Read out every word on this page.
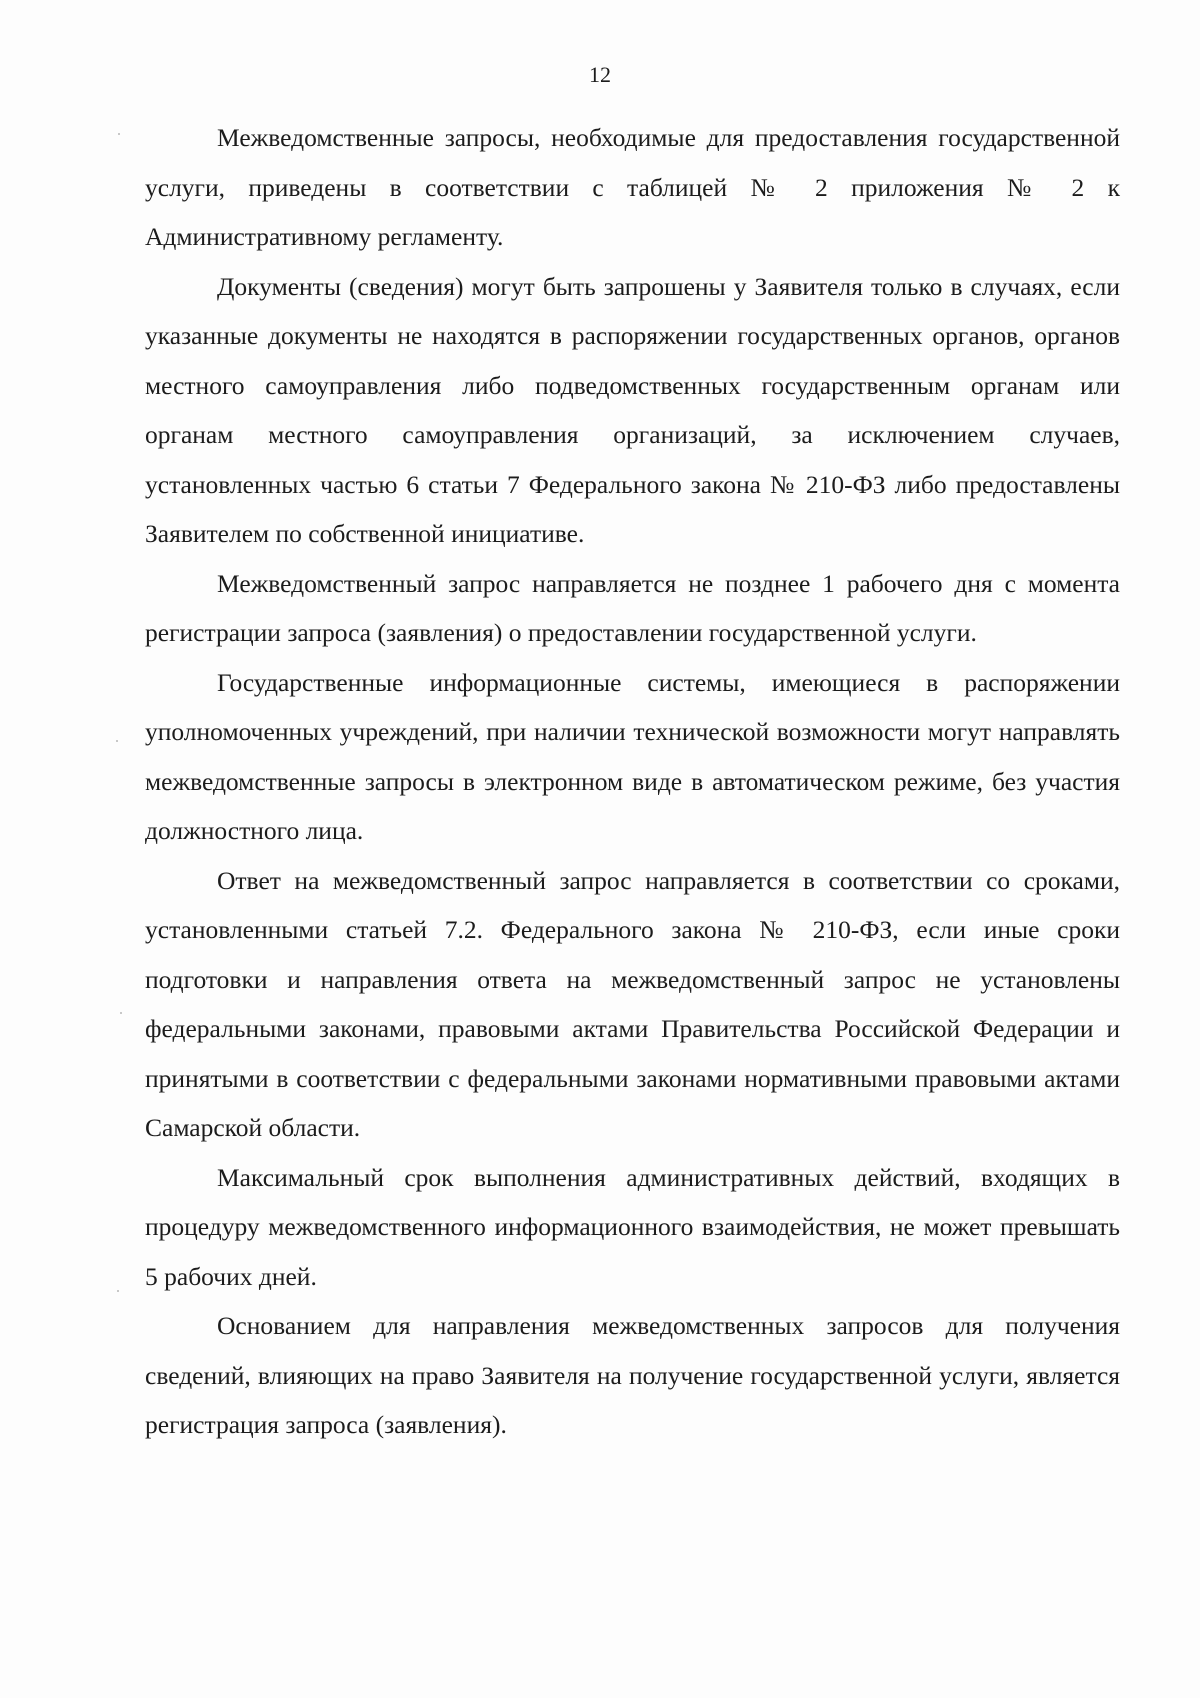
12

Межведомственные запросы, необходимые для предоставления государственной услуги, приведены в соответствии с таблицей № 2 приложения № 2 к Административному регламенту.

Документы (сведения) могут быть запрошены у Заявителя только в случаях, если указанные документы не находятся в распоряжении государственных органов, органов местного самоуправления либо подведомственных государственным органам или органам местного самоуправления организаций, за исключением случаев, установленных частью 6 статьи 7 Федерального закона № 210-ФЗ либо предоставлены Заявителем по собственной инициативе.

Межведомственный запрос направляется не позднее 1 рабочего дня с момента регистрации запроса (заявления) о предоставлении государственной услуги.

Государственные информационные системы, имеющиеся в распоряжении уполномоченных учреждений, при наличии технической возможности могут направлять межведомственные запросы в электронном виде в автоматическом режиме, без участия должностного лица.

Ответ на межведомственный запрос направляется в соответствии со сроками, установленными статьей 7.2. Федерального закона № 210-ФЗ, если иные сроки подготовки и направления ответа на межведомственный запрос не установлены федеральными законами, правовыми актами Правительства Российской Федерации и принятыми в соответствии с федеральными законами нормативными правовыми актами Самарской области.

Максимальный срок выполнения административных действий, входящих в процедуру межведомственного информационного взаимодействия, не может превышать 5 рабочих дней.

Основанием для направления межведомственных запросов для получения сведений, влияющих на право Заявителя на получение государственной услуги, является регистрация запроса (заявления).
